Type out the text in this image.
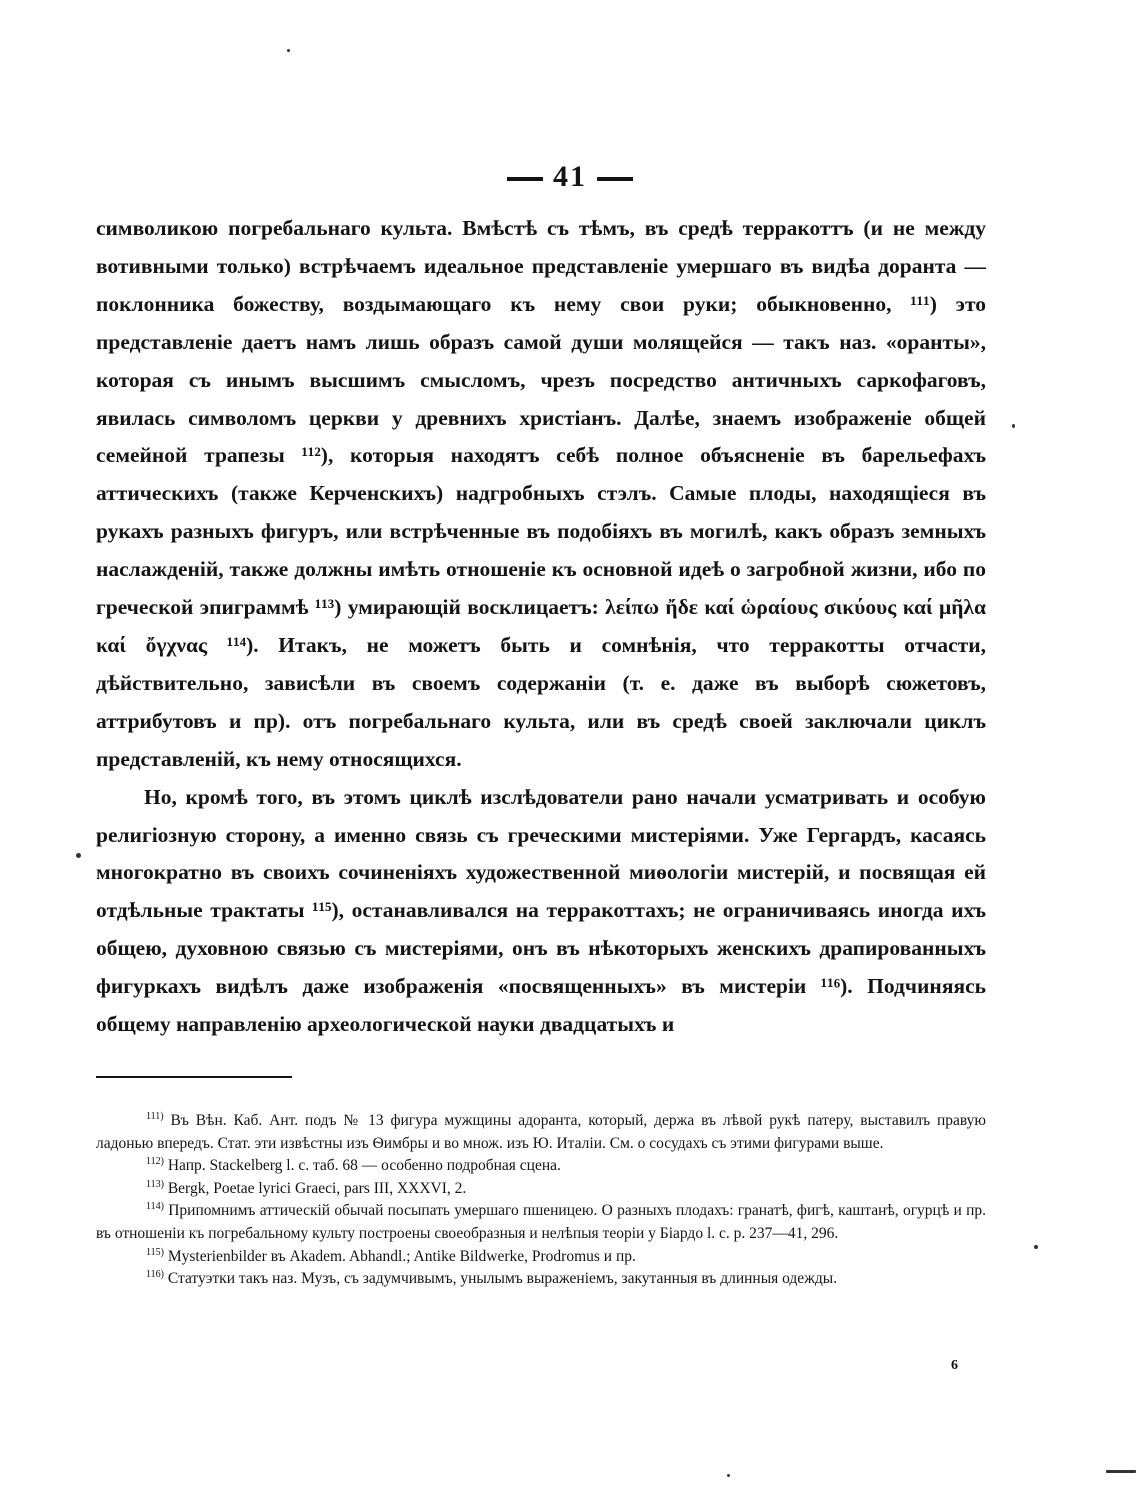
41

символикою погребальнаго культа. Вмѣстѣ съ тѣмъ, въ средѣ терракоттъ (и не между вотивными только) встрѣчаемъ идеальное представленіе умершаго въ видѣа доранта — поклонника божеству, воздымающаго къ нему свои руки; обыкновенно, ¹¹¹) это представленіе даетъ намъ лишь образъ самой души молящейся — такъ наз. «оранты», которая съ инымъ высшимъ смысломъ, чрезъ посредство античныхъ саркофаговъ, явилась символомъ церкви у древнихъ христіанъ. Далѣе, знаемъ изображеніе общей семейной трапезы ¹¹²), которыя находятъ себѣ полное объясненіе въ барельефахъ аттическихъ (также Керченскихъ) надгробныхъ стэлъ. Самые плоды, находящіеся въ рукахъ разныхъ фигуръ, или встрѣченные въ подобіяхъ въ могилѣ, какъ образъ земныхъ наслажденій, также должны имѣть отношеніе къ основной идеѣ о загробной жизни, ибо по греческой эпиграммѣ ¹¹³) умирающій восклицаетъ: λείπω ἤδε καί ὡραίους σικύους καί μῆλα καί ὄγχνας ¹¹⁴). Итакъ, не можетъ быть и сомнѣнія, что терракотты отчасти, дѣйствительно, зависѣли въ своемъ содержаніи (т. е. даже въ выборѣ сюжетовъ, аттрибутовъ и пр). отъ погребальнаго культа, или въ средѣ своей заключали циклъ представленій, къ нему относящихся.

Но, кромѣ того, въ этомъ циклѣ изслѣдователи рано начали усматривать и особую религіозную сторону, а именно связь съ греческими мистеріями. Уже Гергардъ, касаясь многократно въ своихъ сочиненіяхъ художественной миѳологіи мистерій, и посвящая ей отдѣльные трактаты ¹¹⁵), останавливался на терракоттахъ; не ограничиваясь иногда ихъ общею, духовною связью съ мистеріями, онъ въ нѣкоторыхъ женскихъ драпированныхъ фигуркахъ видѣлъ даже изображенія «посвященныхъ» въ мистеріи ¹¹⁶). Подчиняясь общему направленію археологической науки двадцатыхъ и

$^{111)}$ Въ Вѣн. Каб. Ант. подъ № 13 фигура мужщины адоранта, который, держа въ лѣвой рукѣ патеру, выставилъ правую ладонью впередъ. Стат. эти извѣстны изъ Ѳимбры и во множ. изъ Ю. Италіи. См. о сосудахъ съ этими фигурами выше.

$^{112)}$ Напр. Stackelberg l. c. таб. 68 — особенно подробная сцена.

$^{113)}$ Bergk, Poetae lyrici Graeci, pars III, XXXVI, 2.

$^{114)}$ Припомнимъ аттическій обычай посыпать умершаго пшеницею. О разныхъ плодахъ: гранатѣ, фигѣ, каштанѣ, огурцѣ и пр. въ отношеніи къ погребальному культу построены своеобразныя и нелѣпыя теоріи у Біардо l. c. p. 237—41, 296.

$^{115)}$ Mysterienbilder въ Akadem. Abhandl.; Antike Bildwerke, Prodromus и пр.

$^{116)}$ Статуэтки такъ наз. Музъ, съ задумчивымъ, унылымъ выраженіемъ, закутанныя въ длинныя одежды.

6
